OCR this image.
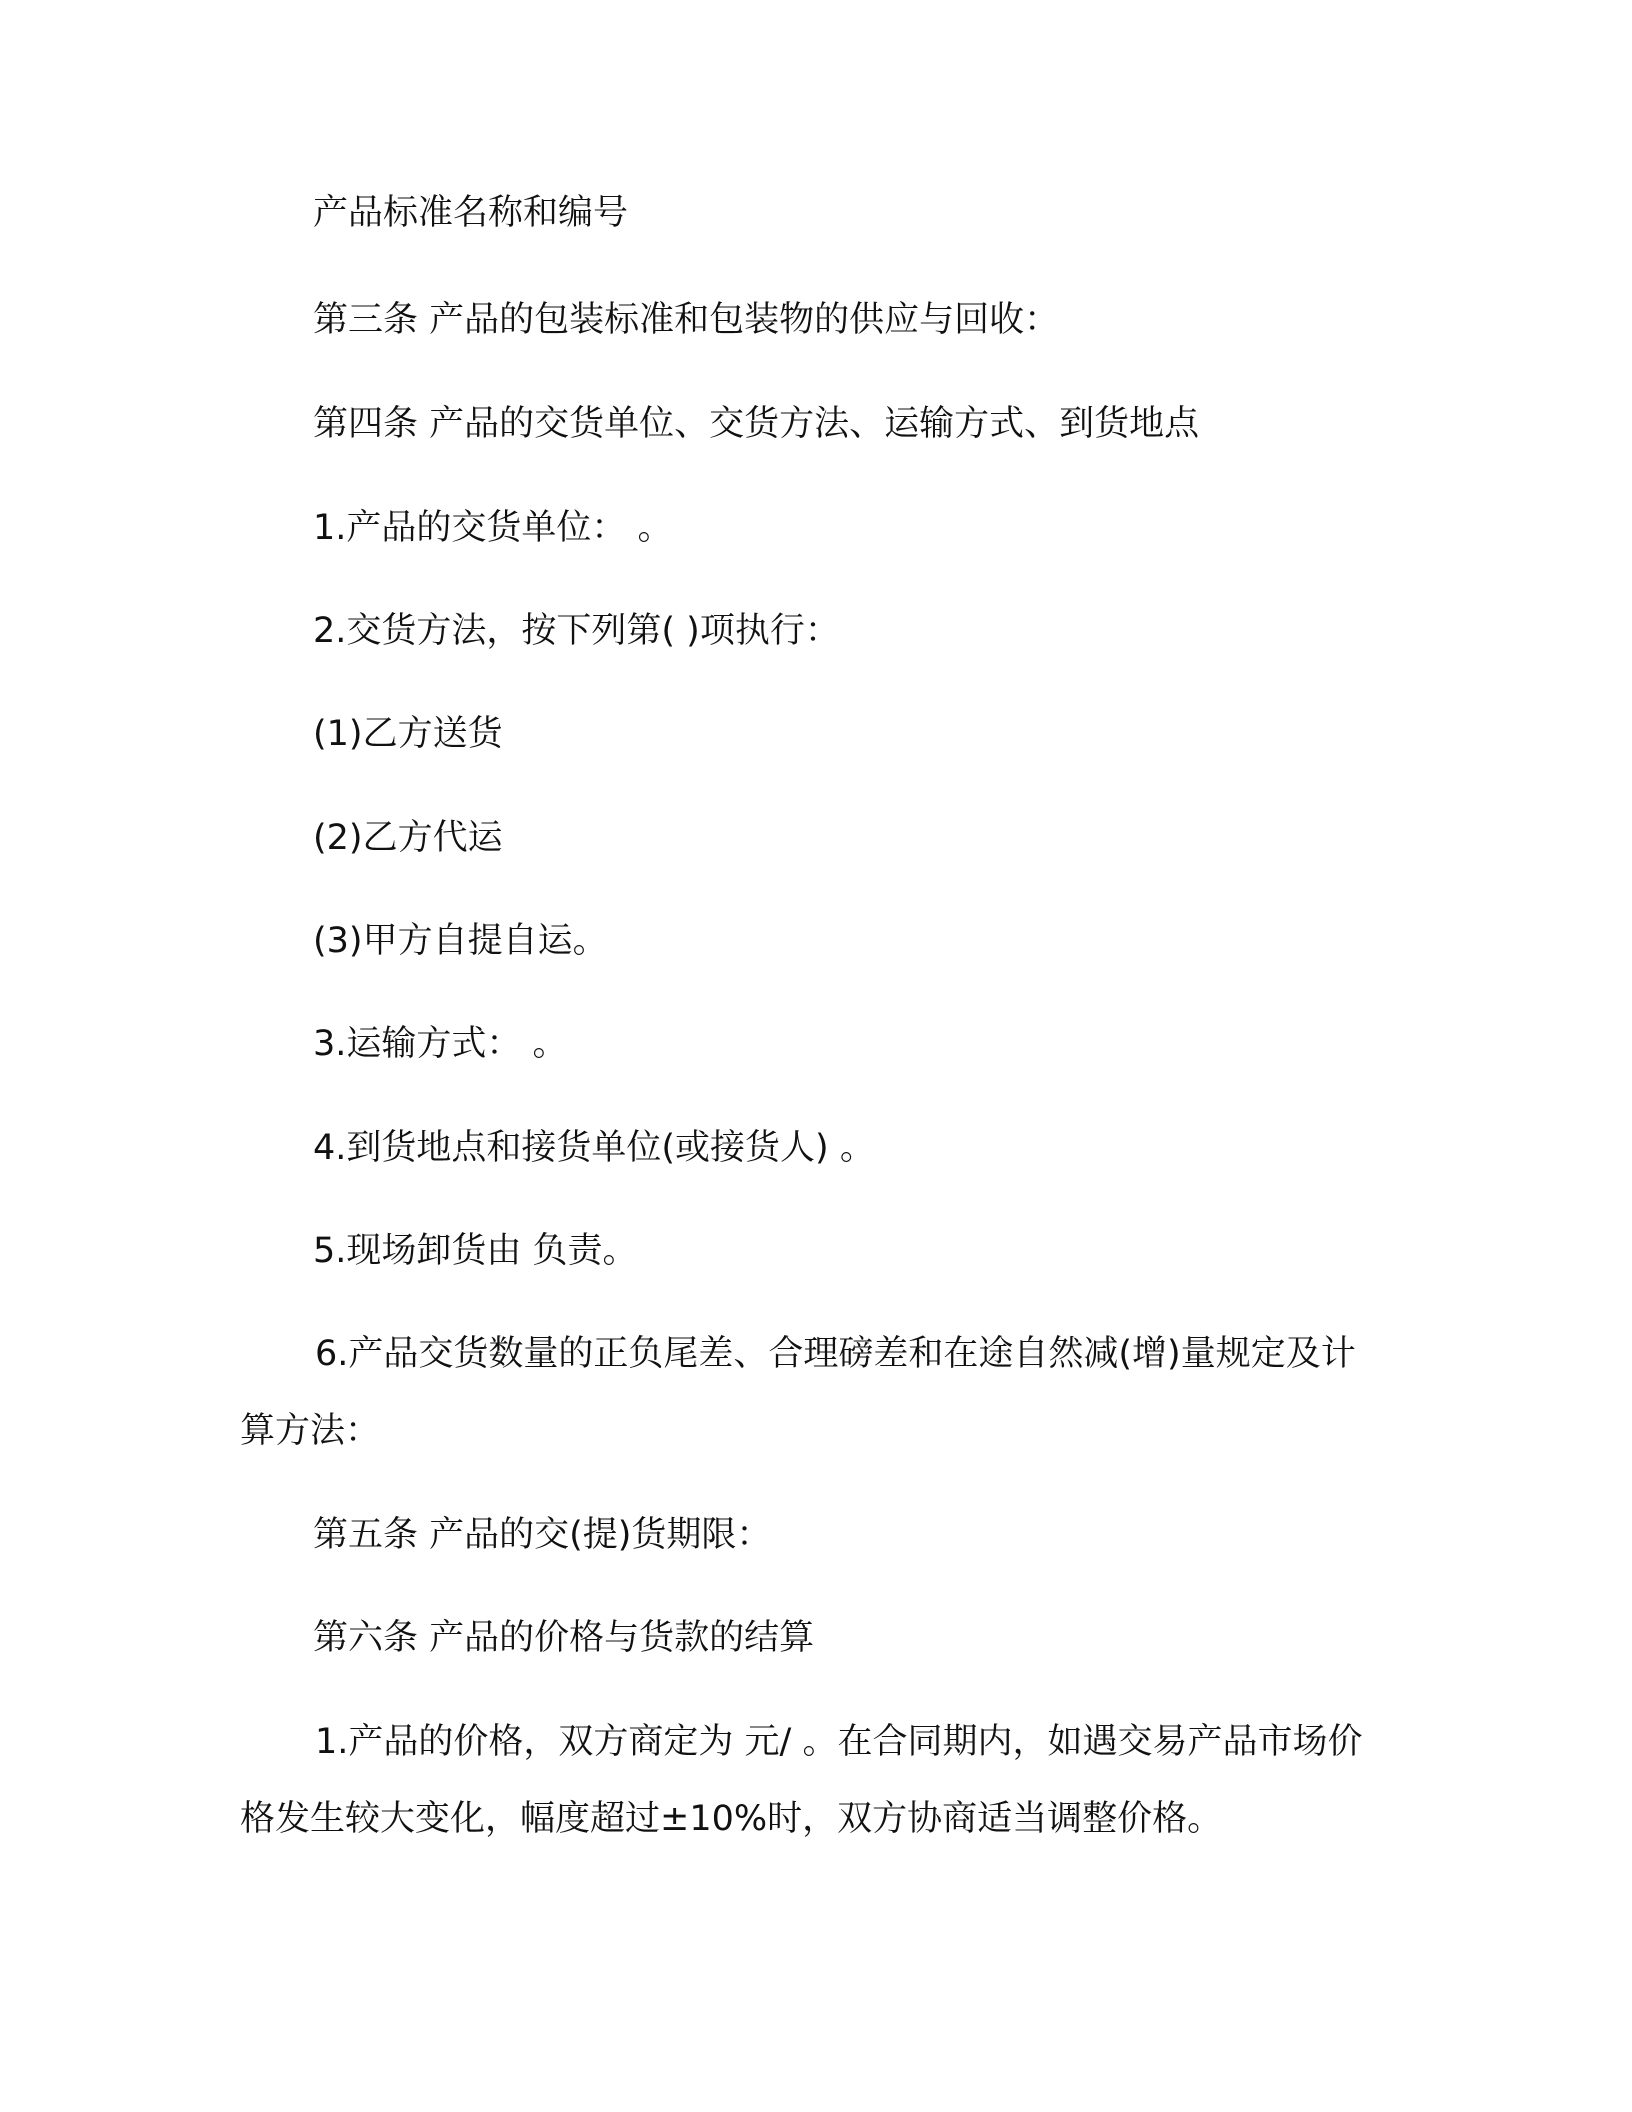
产品标准名称和编号

第三条 产品的包装标准和包装物的供应与回收：

第四条 产品的交货单位、交货方法、运输方式、到货地点

1.产品的交货单位： 。

2.交货方法，按下列第( )项执行：

(1)乙方送货

(2)乙方代运

(3)甲方自提自运。

3.运输方式： 。

4.到货地点和接货单位(或接货人) 。

5.现场卸货由 负责。

6.产品交货数量的正负尾差、合理磅差和在途自然减(增)量规定及计算方法：

第五条 产品的交(提)货期限：

第六条 产品的价格与货款的结算

1.产品的价格，双方商定为 元/ 。在合同期内，如遇交易产品市场价格发生较大变化，幅度超过±10%时，双方协商适当调整价格。
